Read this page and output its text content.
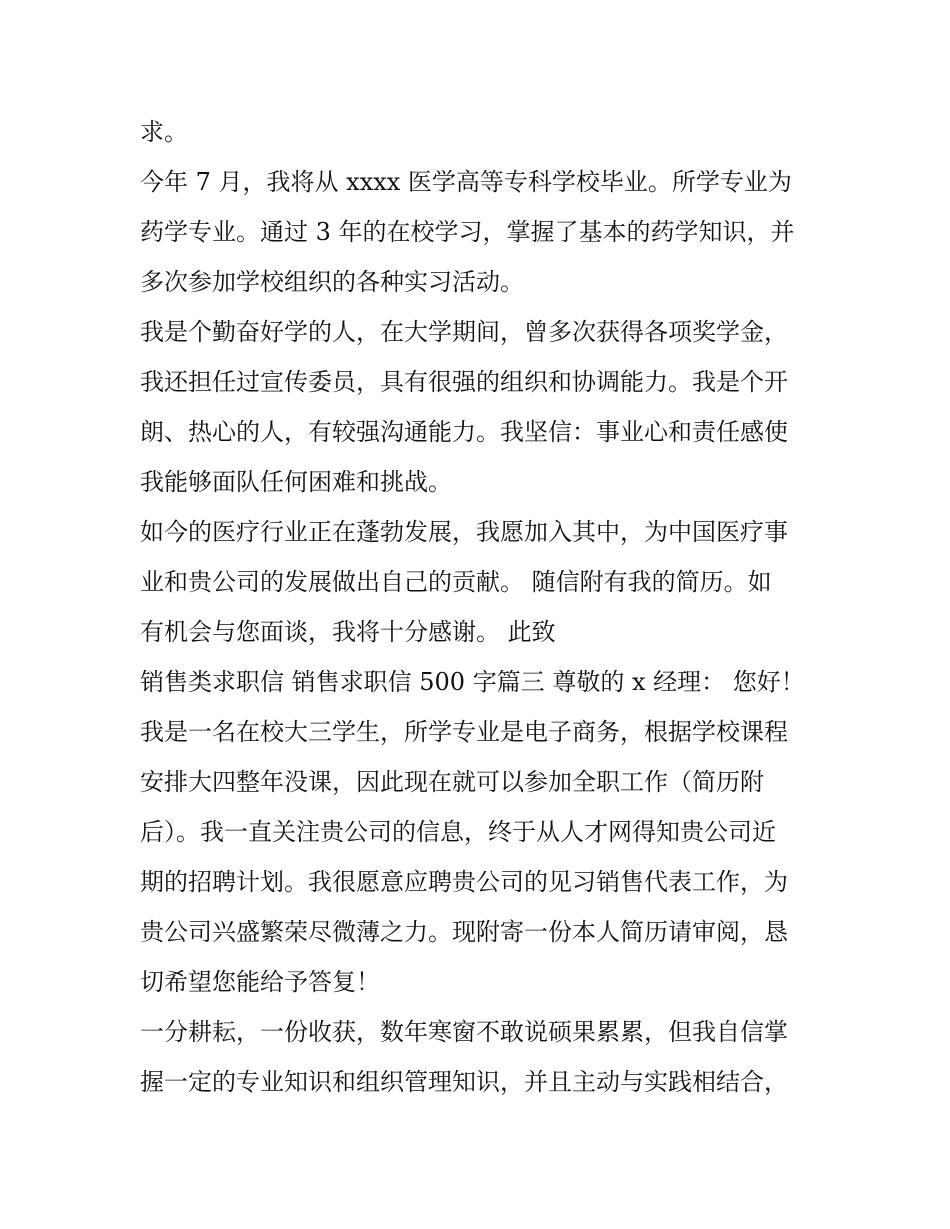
求。
今年 7 月，我将从 xxxx 医学高等专科学校毕业。所学专业为
药学专业。通过 3 年的在校学习，掌握了基本的药学知识，并
多次参加学校组织的各种实习活动。
我是个勤奋好学的人，在大学期间，曾多次获得各项奖学金，
我还担任过宣传委员，具有很强的组织和协调能力。我是个开
朗、热心的人，有较强沟通能力。我坚信：事业心和责任感使
我能够面队任何困难和挑战。
如今的医疗行业正在蓬勃发展，我愿加入其中，为中国医疗事
业和贵公司的发展做出自己的贡献。 随信附有我的简历。如
有机会与您面谈，我将十分感谢。 此致
销售类求职信 销售求职信 500 字篇三 尊敬的 x 经理： 您好！
我是一名在校大三学生，所学专业是电子商务，根据学校课程
安排大四整年没课，因此现在就可以参加全职工作（简历附
后）。我一直关注贵公司的信息，终于从人才网得知贵公司近
期的招聘计划。我很愿意应聘贵公司的见习销售代表工作，为
贵公司兴盛繁荣尽微薄之力。现附寄一份本人简历请审阅，恳
切希望您能给予答复！
一分耕耘，一份收获，数年寒窗不敢说硕果累累，但我自信掌
握一定的专业知识和组织管理知识，并且主动与实践相结合，
